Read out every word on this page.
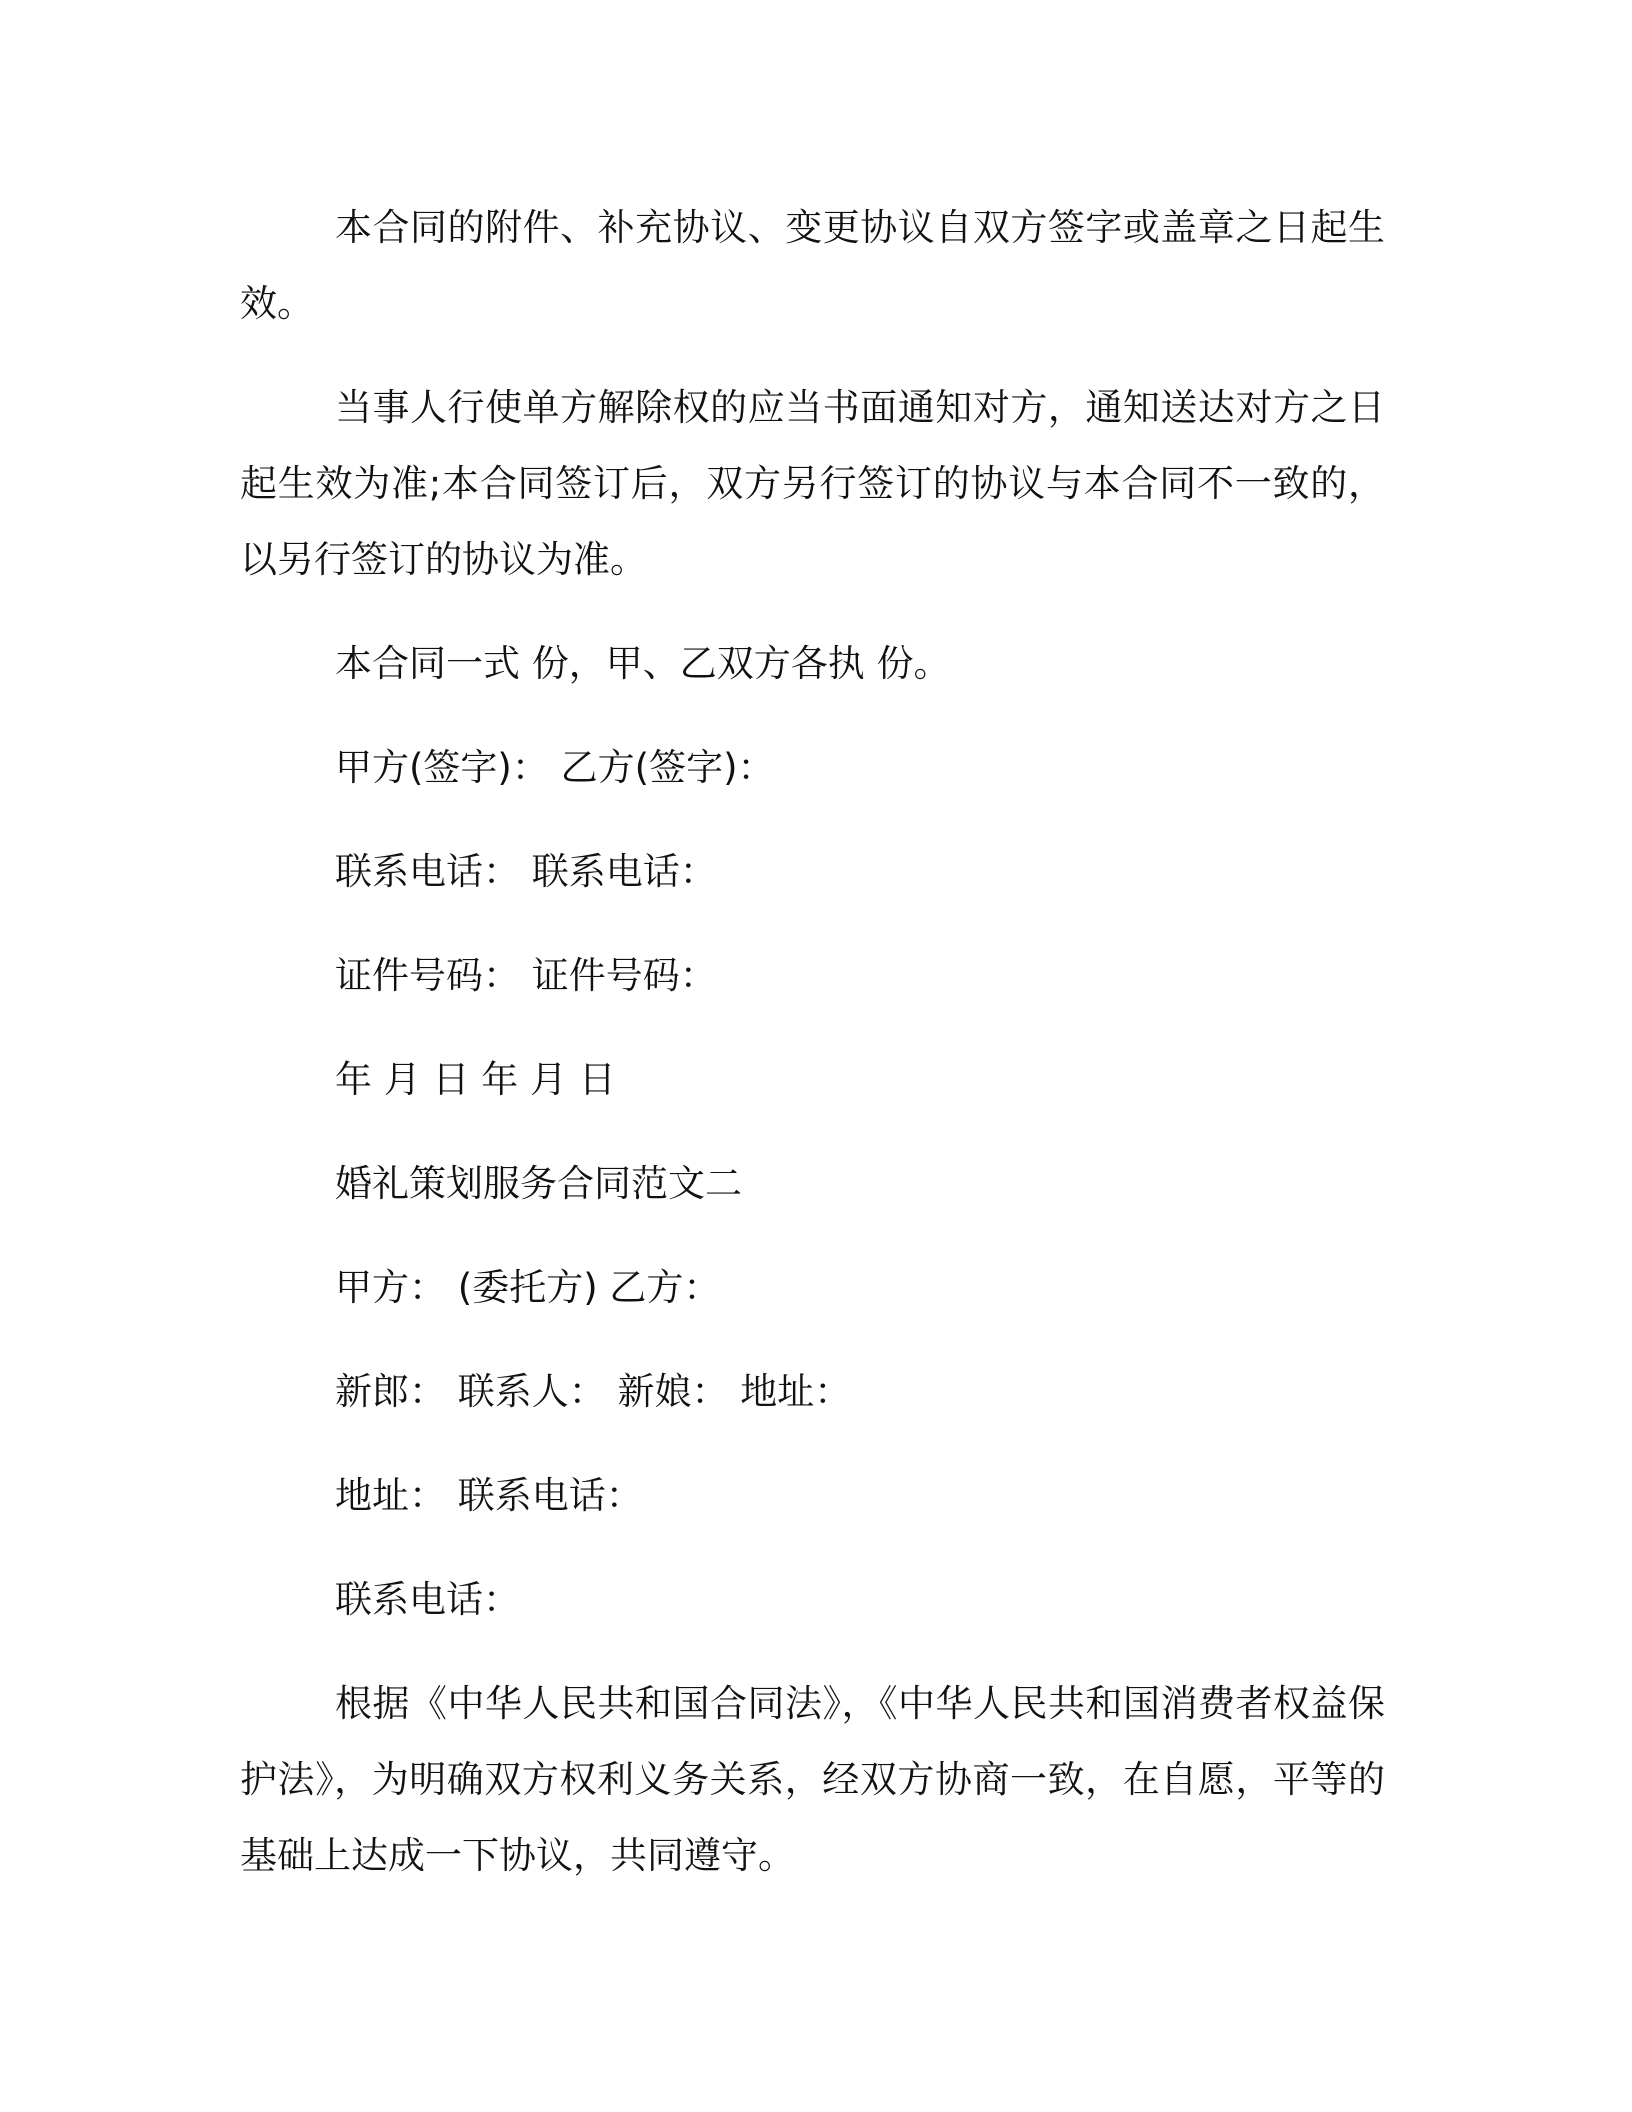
本合同的附件、补充协议、变更协议自双方签字或盖章之日起生效。

当事人行使单方解除权的应当书面通知对方，通知送达对方之日起生效为准;本合同签订后，双方另行签订的协议与本合同不一致的，以另行签订的协议为准。

本合同一式 份，甲、乙双方各执 份。

甲方(签字)： 乙方(签字)：

联系电话： 联系电话：

证件号码： 证件号码：

年 月 日 年 月 日

婚礼策划服务合同范文二

甲方： (委托方) 乙方：

新郎： 联系人： 新娘： 地址：

地址： 联系电话：

联系电话：

根据《中华人民共和国合同法》，《中华人民共和国消费者权益保护法》，为明确双方权利义务关系，经双方协商一致，在自愿，平等的基础上达成一下协议，共同遵守。
